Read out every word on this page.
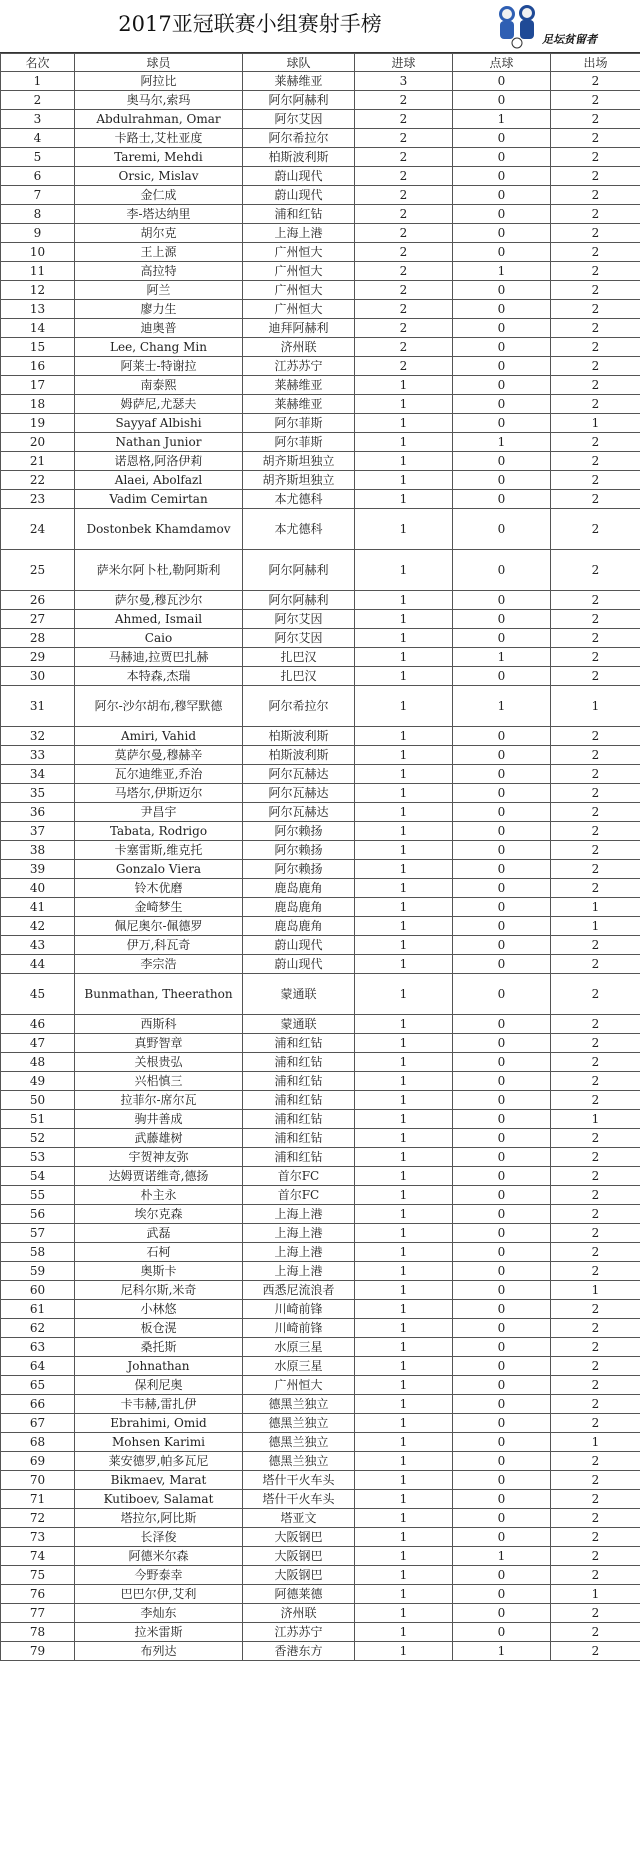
2017亚冠联赛小组赛射手榜
足坛贫留者
名次	球员	球队	进球	点球	出场
1	阿拉比	莱赫维亚	3	0	2
2	奥马尔,索玛	阿尔阿赫利	2	0	2
3	Abdulrahman, Omar	阿尔艾因	2	1	2
4	卡路士,艾杜亚度	阿尔希拉尔	2	0	2
5	Taremi, Mehdi	柏斯波利斯	2	0	2
6	Orsic, Mislav	蔚山现代	2	0	2
7	金仁成	蔚山现代	2	0	2
8	李-塔达纳里	浦和红钻	2	0	2
9	胡尔克	上海上港	2	0	2
10	王上源	广州恒大	2	0	2
11	高拉特	广州恒大	2	1	2
12	阿兰	广州恒大	2	0	2
13	廖力生	广州恒大	2	0	2
14	迪奥普	迪拜阿赫利	2	0	2
15	Lee, Chang Min	济州联	2	0	2
16	阿莱士-特谢拉	江苏苏宁	2	0	2
17	南泰熙	莱赫维亚	1	0	2
18	姆萨尼,尤瑟夫	莱赫维亚	1	0	2
19	Sayyaf Albishi	阿尔菲斯	1	0	1
20	Nathan Junior	阿尔菲斯	1	1	2
21	诺恩格,阿洛伊莉	胡齐斯坦独立	1	0	2
22	Alaei, Abolfazl	胡齐斯坦独立	1	0	2
23	Vadim Cemirtan	本尤德科	1	0	2
24	Dostonbek Khamdamov	本尤德科	1	0	2
25	萨米尔阿卜杜,勒阿斯利	阿尔阿赫利	1	0	2
26	萨尔曼,穆瓦沙尔	阿尔阿赫利	1	0	2
27	Ahmed, Ismail	阿尔艾因	1	0	2
28	Caio	阿尔艾因	1	0	2
29	马赫迪,拉贾巴扎赫	扎巴汉	1	1	2
30	本特森,杰瑞	扎巴汉	1	0	2
31	阿尔-沙尔胡布,穆罕默德	阿尔希拉尔	1	1	1
32	Amiri, Vahid	柏斯波利斯	1	0	2
33	莫萨尔曼,穆赫辛	柏斯波利斯	1	0	2
34	瓦尔迪维亚,乔治	阿尔瓦赫达	1	0	2
35	马塔尔,伊斯迈尔	阿尔瓦赫达	1	0	2
36	尹昌宇	阿尔瓦赫达	1	0	2
37	Tabata, Rodrigo	阿尔赖扬	1	0	2
38	卡塞雷斯,维克托	阿尔赖扬	1	0	2
39	Gonzalo Viera	阿尔赖扬	1	0	2
40	铃木优磨	鹿岛鹿角	1	0	2
41	金崎梦生	鹿岛鹿角	1	0	1
42	佩尼奥尔-佩德罗	鹿岛鹿角	1	0	1
43	伊万,科瓦奇	蔚山现代	1	0	2
44	李宗浩	蔚山现代	1	0	2
45	Bunmathan, Theerathon	蒙通联	1	0	2
46	西斯科	蒙通联	1	0	2
47	真野智章	浦和红钻	1	0	2
48	关根贵弘	浦和红钻	1	0	2
49	兴梠慎三	浦和红钻	1	0	2
50	拉菲尔-席尔瓦	浦和红钻	1	0	2
51	驹井善成	浦和红钻	1	0	1
52	武藤雄树	浦和红钻	1	0	2
53	宇贺神友弥	浦和红钻	1	0	2
54	达姆贾诺维奇,德扬	首尔FC	1	0	2
55	朴主永	首尔FC	1	0	2
56	埃尔克森	上海上港	1	0	2
57	武磊	上海上港	1	0	2
58	石柯	上海上港	1	0	2
59	奥斯卡	上海上港	1	0	2
60	尼科尔斯,米奇	西悉尼流浪者	1	0	1
61	小林悠	川崎前锋	1	0	2
62	板仓滉	川崎前锋	1	0	2
63	桑托斯	水原三星	1	0	2
64	Johnathan	水原三星	1	0	2
65	保利尼奥	广州恒大	1	0	2
66	卡韦赫,雷扎伊	德黑兰独立	1	0	2
67	Ebrahimi, Omid	德黑兰独立	1	0	2
68	Mohsen Karimi	德黑兰独立	1	0	1
69	莱安德罗,帕多瓦尼	德黑兰独立	1	0	2
70	Bikmaev, Marat	塔什干火车头	1	0	2
71	Kutiboev, Salamat	塔什干火车头	1	0	2
72	塔拉尔,阿比斯	塔亚文	1	0	2
73	长泽俊	大阪钢巴	1	0	2
74	阿德米尔森	大阪钢巴	1	1	2
75	今野泰幸	大阪钢巴	1	0	2
76	巴巴尔伊,艾利	阿德莱德	1	0	1
77	李灿东	济州联	1	0	2
78	拉米雷斯	江苏苏宁	1	0	2
79	布列达	香港东方	1	1	2
